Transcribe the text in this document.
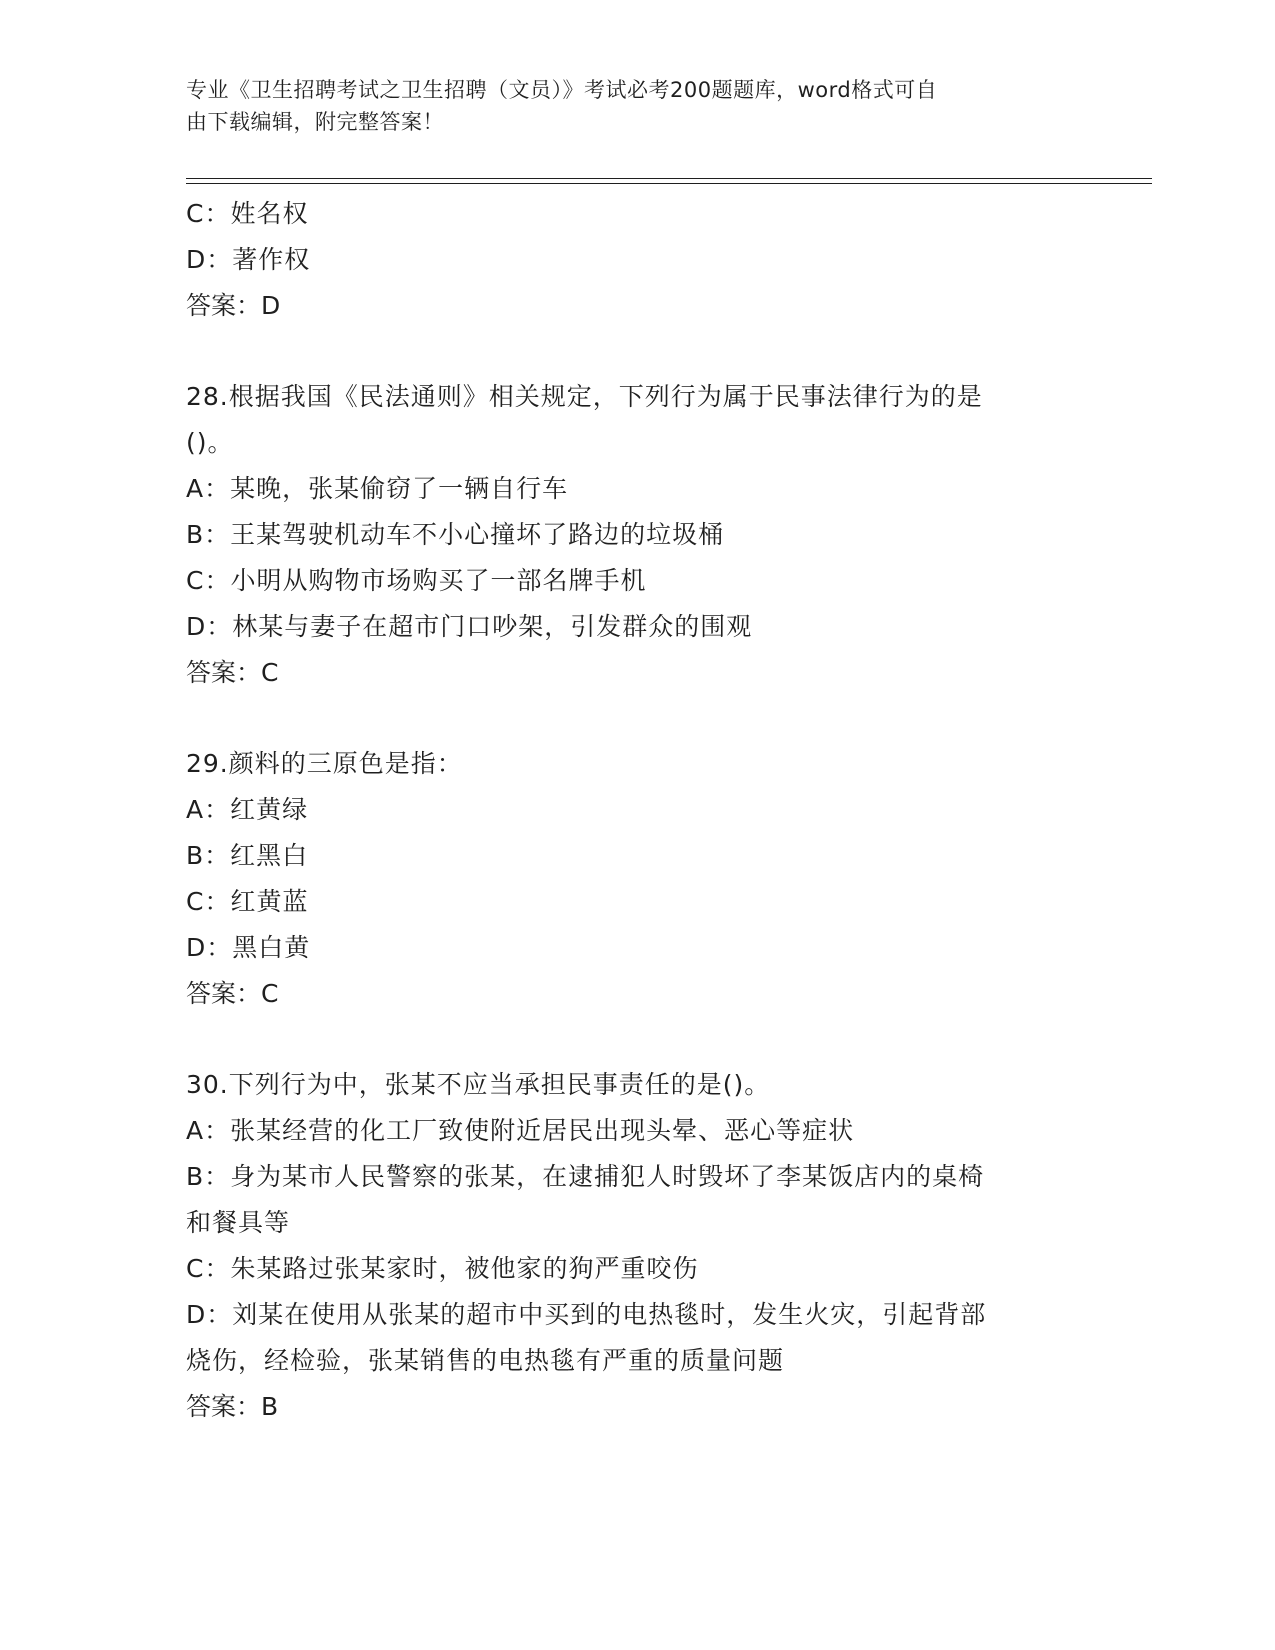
专业《卫生招聘考试之卫生招聘（文员）》考试必考200题题库，word格式可自
由下载编辑，附完整答案！
C：姓名权
D：著作权
答案：D
28.根据我国《民法通则》相关规定，下列行为属于民事法律行为的是
()。
A：某晚，张某偷窃了一辆自行车
B：王某驾驶机动车不小心撞坏了路边的垃圾桶
C：小明从购物市场购买了一部名牌手机
D：林某与妻子在超市门口吵架，引发群众的围观
答案：C
29.颜料的三原色是指：
A：红黄绿
B：红黑白
C：红黄蓝
D：黑白黄
答案：C
30.下列行为中，张某不应当承担民事责任的是()。
A：张某经营的化工厂致使附近居民出现头晕、恶心等症状
B：身为某市人民警察的张某，在逮捕犯人时毁坏了李某饭店内的桌椅
和餐具等
C：朱某路过张某家时，被他家的狗严重咬伤
D：刘某在使用从张某的超市中买到的电热毯时，发生火灾，引起背部
烧伤，经检验，张某销售的电热毯有严重的质量问题
答案：B
